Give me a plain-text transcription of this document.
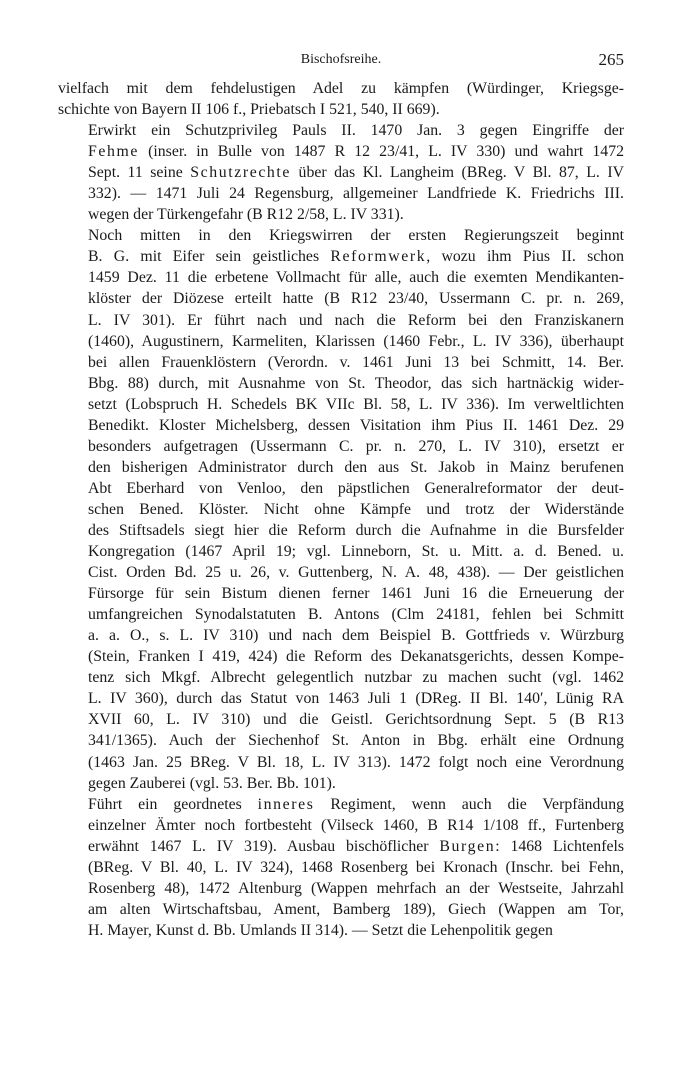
Bischofsreihe.	265

vielfach mit dem fehdelustigen Adel zu kämpfen (Würdinger, Kriegsge-
schichte von Bayern II 106 f., Priebatsch I 521, 540, II 669).

Erwirkt ein Schutzprivileg Pauls II. 1470 Jan. 3 gegen Eingriffe der
Fehme (inser. in Bulle von 1487 R 12 23/41, L. IV 330) und wahrt 1472
Sept. 11 seine Schutzrechte über das Kl. Langheim (BReg. V Bl. 87, L. IV
332). — 1471 Juli 24 Regensburg, allgemeiner Landfriede K. Friedrichs III.
wegen der Türkengefahr (B R12 2/58, L. IV 331).

Noch mitten in den Kriegswirren der ersten Regierungszeit beginnt
B. G. mit Eifer sein geistliches Reformwerk, wozu ihm Pius II. schon
1459 Dez. 11 die erbetene Vollmacht für alle, auch die exemten Mendikanten-
klöster der Diözese erteilt hatte (B R12 23/40, Ussermann C. pr. n. 269,
L. IV 301). Er führt nach und nach die Reform bei den Franziskanern
(1460), Augustinern, Karmeliten, Klarissen (1460 Febr., L. IV 336), überhaupt
bei allen Frauenklöstern (Verordn. v. 1461 Juni 13 bei Schmitt, 14. Ber.
Bbg. 88) durch, mit Ausnahme von St. Theodor, das sich hartnäckig wider-
setzt (Lobspruch H. Schedels BK VIIc Bl. 58, L. IV 336). Im verweltlichten
Benedikt. Kloster Michelsberg, dessen Visitation ihm Pius II. 1461 Dez. 29
besonders aufgetragen (Ussermann C. pr. n. 270, L. IV 310), ersetzt er
den bisherigen Administrator durch den aus St. Jakob in Mainz berufenen
Abt Eberhard von Venloo, den päpstlichen Generalreformator der deut-
schen Bened. Klöster. Nicht ohne Kämpfe und trotz der Widerstände
des Stiftsadels siegt hier die Reform durch die Aufnahme in die Bursfelder
Kongregation (1467 April 19; vgl. Linneborn, St. u. Mitt. a. d. Bened. u.
Cist. Orden Bd. 25 u. 26, v. Guttenberg, N. A. 48, 438). — Der geistlichen
Fürsorge für sein Bistum dienen ferner 1461 Juni 16 die Erneuerung der
umfangreichen Synodalstatuten B. Antons (Clm 24181, fehlen bei Schmitt
a. a. O., s. L. IV 310) und nach dem Beispiel B. Gottfrieds v. Würzburg
(Stein, Franken I 419, 424) die Reform des Dekanatsgerichts, dessen Kompe-
tenz sich Mkgf. Albrecht gelegentlich nutzbar zu machen sucht (vgl. 1462
L. IV 360), durch das Statut von 1463 Juli 1 (DReg. II Bl. 140′, Lünig RA
XVII 60, L. IV 310) und die Geistl. Gerichtsordnung Sept. 5 (B R13
341/1365). Auch der Siechenhof St. Anton in Bbg. erhält eine Ordnung
(1463 Jan. 25 BReg. V Bl. 18, L. IV 313). 1472 folgt noch eine Verordnung
gegen Zauberei (vgl. 53. Ber. Bb. 101).

Führt ein geordnetes inneres Regiment, wenn auch die Verpfändung
einzelner Ämter noch fortbesteht (Vilseck 1460, B R14 1/108 ff., Furtenberg
erwähnt 1467 L. IV 319). Ausbau bischöflicher Burgen: 1468 Lichtenfels
(BReg. V Bl. 40, L. IV 324), 1468 Rosenberg bei Kronach (Inschr. bei Fehn,
Rosenberg 48), 1472 Altenburg (Wappen mehrfach an der Westseite, Jahrzahl
am alten Wirtschaftsbau, Ament, Bamberg 189), Giech (Wappen am Tor,
H. Mayer, Kunst d. Bb. Umlands II 314). — Setzt die Lehenpolitik gegen
